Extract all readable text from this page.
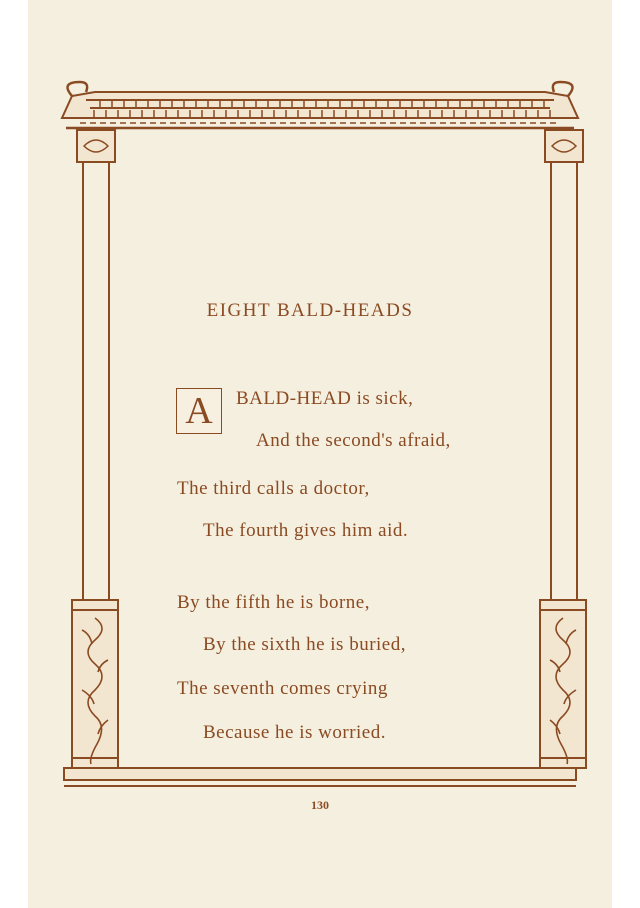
EIGHT BALD-HEADS
A	BALD-HEAD is sick,
And the second's afraid,
The third calls a doctor,
The fourth gives him aid.
By the fifth he is borne,
By the sixth he is buried,
The seventh comes crying
Because he is worried.
130
